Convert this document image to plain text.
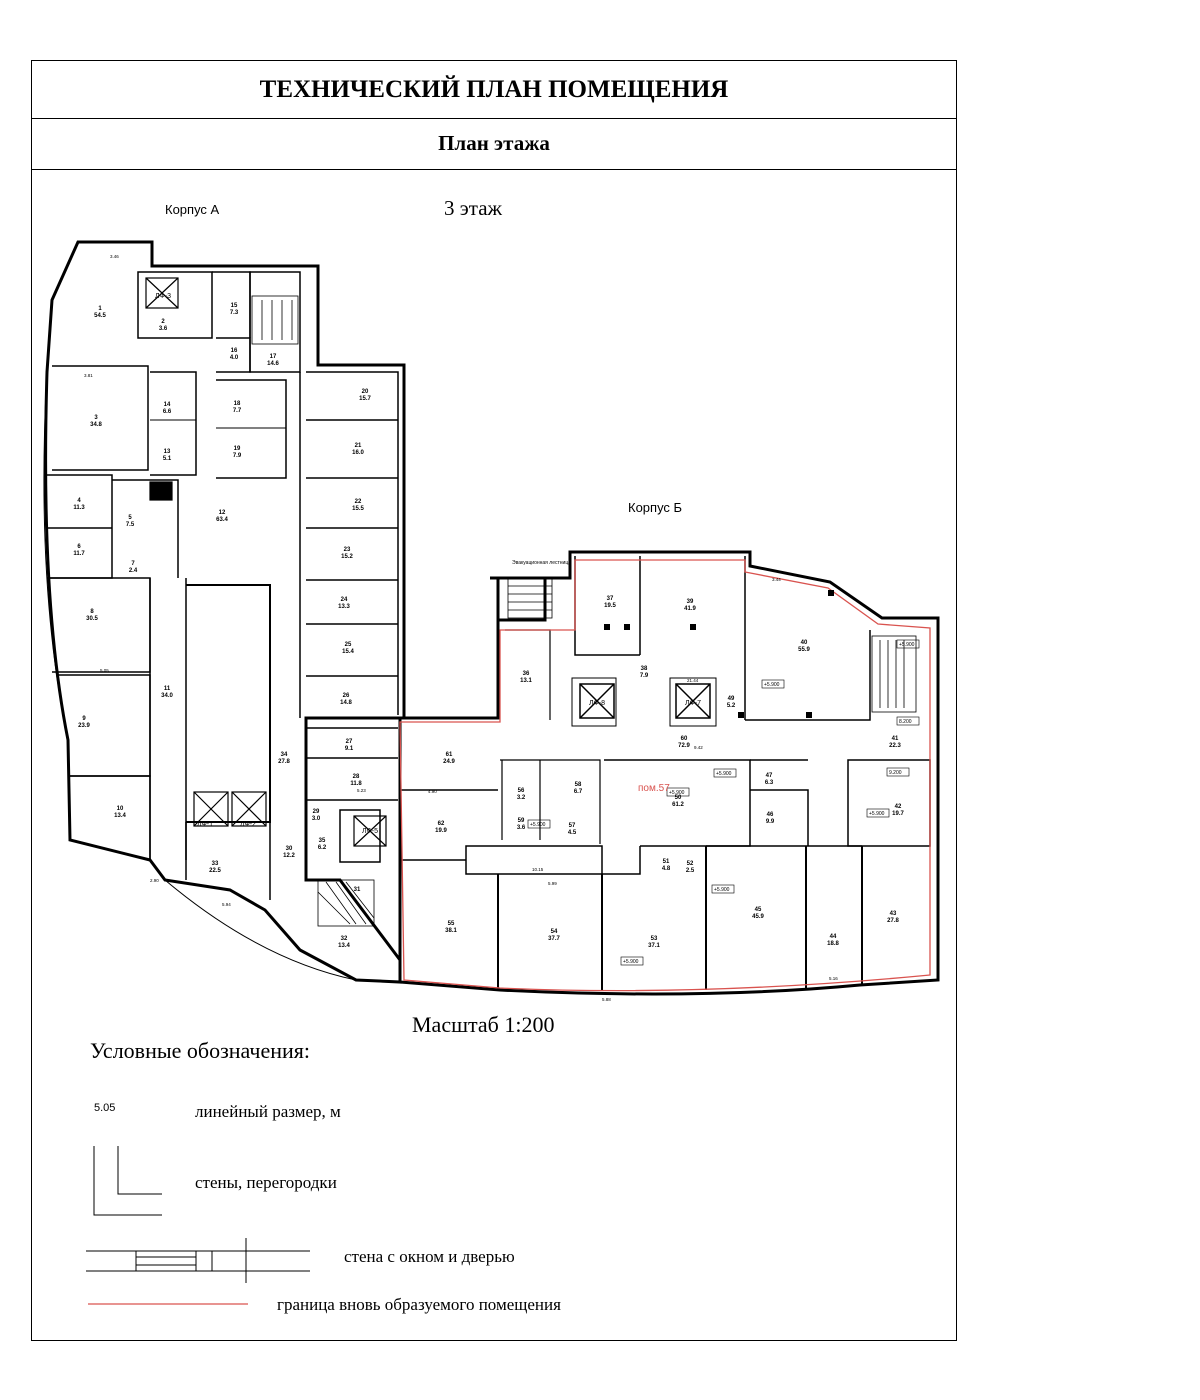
ТЕХНИЧЕСКИЙ ПЛАН ПОМЕЩЕНИЯ
План этажа
1
54.5
2
3.6
3
34.8
4
11.3
5
7.5
6
11.7
7
2.4
8
30.5
9
23.9
10
13.4
11
34.0
12
63.4
13
5.1
14
6.6
15
7.3
16
4.0	17
14.6
18
7.7
19
7.9
20
15.7
21
16.0
22
15.5
23
15.2
24
13.3
25
15.4
26
14.8
27
9.1
28
11.8
29
3.0
30
12.2
31
32
13.4
33
22.5
34
27.8
35
6.2
36
13.1
37
19.5
38
7.9
39
41.9
40
55.9
41
22.3
42
19.7
43
27.8
44
18.8
45
45.9
46
9.9
47
6.3
49
5.2
50
61.2
51
4.8
52
2.5
53
37.1
54
37.7
55
38.1
56
3.2
57
4.5
58
6.7
59
3.6
60
72.9
61
24.9
62
19.9
ЛФ-8	ЛФ-7
ЛФ-1	ЛФ-2
ЛФ-5
ЛФ-3
+5.900
+5.900
+5.900
+5.900
+5.900
+5.900
+5.900
8.200
9.200
+5.900
3.46
5.05
3.81
2.90
5.94
3.44
5.16
5.88
9.42
21.44
5.23	4.90
10.15
5.99
3 этаж
Корпус А
Корпус Б
Эвакуационная лестница
пом.57
Масштаб 1:200
Условные обозначения:
5.05	линейный размер, м
стены, перегородки
стена с окном и дверью
граница вновь образуемого помещения
